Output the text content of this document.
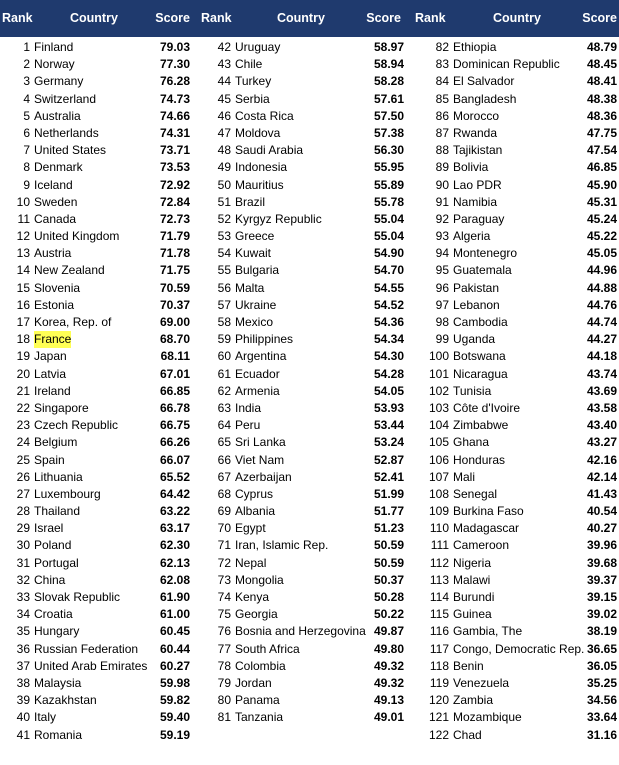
Rank	Country	Score Rank	Country	Score Rank	Country	Score
1 Finland	79.03
2 Norway	77.30
3 Germany	76.28
4 Switzerland	74.73
5 Australia	74.66
6 Netherlands	74.31
7 United States	73.71
8 Denmark	73.53
9 Iceland	72.92
10 Sweden	72.84
11 Canada	72.73
12 United Kingdom	71.79
13 Austria	71.78
14 New Zealand	71.75
15 Slovenia	70.59
16 Estonia	70.37
17 Korea, Rep. of	69.00
18 France	68.70
19 Japan	68.11
20 Latvia	67.01
21 Ireland	66.85
22 Singapore	66.78
23 Czech Republic	66.75
24 Belgium	66.26
25 Spain	66.07
26 Lithuania	65.52
27 Luxembourg	64.42
28 Thailand	63.22
29 Israel	63.17
30 Poland	62.30
31 Portugal	62.13
32 China	62.08
33 Slovak Republic	61.90
34 Croatia	61.00
35 Hungary	60.45
36 Russian Federation 60.44
37 United Arab Emirates 60.27
38 Malaysia	59.98
39 Kazakhstan	59.82
40 Italy	59.40
41 Romania	59.19
42 Uruguay	58.97
43 Chile	58.94
44 Turkey	58.28
45 Serbia	57.61
46 Costa Rica	57.50
47 Moldova	57.38
48 Saudi Arabia	56.30
49 Indonesia	55.95
50 Mauritius	55.89
51 Brazil	55.78
52 Kyrgyz Republic	55.04
53 Greece	55.04
54 Kuwait	54.90
55 Bulgaria	54.70
56 Malta	54.55
57 Ukraine	54.52
58 Mexico	54.36
59 Philippines	54.34
60 Argentina	54.30
61 Ecuador	54.28
62 Armenia	54.05
63 India	53.93
64 Peru	53.44
65 Sri Lanka	53.24
66 Viet Nam	52.87
67 Azerbaijan	52.41
68 Cyprus	51.99
69 Albania	51.77
70 Egypt	51.23
71 Iran, Islamic Rep.	50.59
72 Nepal	50.59
73 Mongolia	50.37
74 Kenya	50.28
75 Georgia	50.22
76 Bosnia and Herzegovina 49.87
77 South Africa	49.80
78 Colombia	49.32
79 Jordan	49.32
80 Panama	49.13
81 Tanzania	49.01
82 Ethiopia	48.79
83 Dominican Republic 48.45
84 El Salvador	48.41
85 Bangladesh	48.38
86 Morocco	48.36
87 Rwanda	47.75
88 Tajikistan	47.54
89 Bolivia	46.85
90 Lao PDR	45.90
91 Namibia	45.31
92 Paraguay	45.24
93 Algeria	45.22
94 Montenegro	45.05
95 Guatemala	44.96
96 Pakistan	44.88
97 Lebanon	44.76
98 Cambodia	44.74
99 Uganda	44.27
100 Botswana	44.18
101 Nicaragua	43.74
102 Tunisia	43.69
103 Côte d'Ivoire	43.58
104 Zimbabwe	43.40
105 Ghana	43.27
106 Honduras	42.16
107 Mali	42.14
108 Senegal	41.43
109 Burkina Faso	40.54
110 Madagascar	40.27
111 Cameroon	39.96
112 Nigeria	39.68
113 Malawi	39.37
114 Burundi	39.15
115 Guinea	39.02
116 Gambia, The	38.19
117 Congo, Democratic Rep. 36.65
118 Benin	36.05
119 Venezuela	35.25
120 Zambia	34.56
121 Mozambique	33.64
122 Chad	31.16
